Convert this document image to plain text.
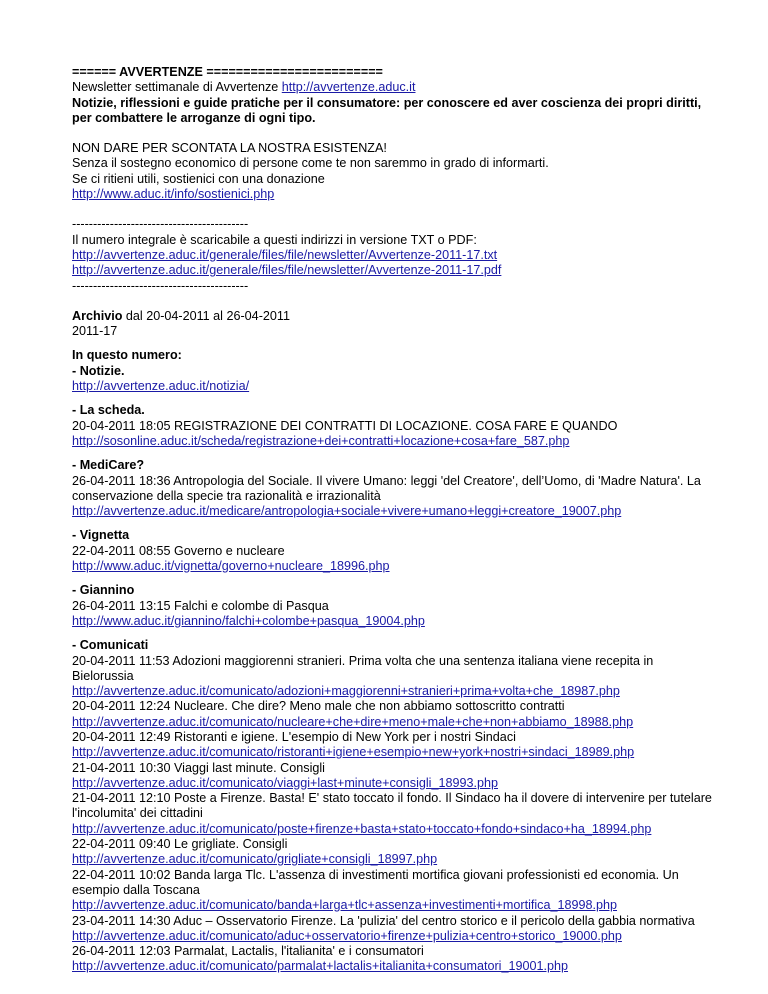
====== AVVERTENZE ========================

Newsletter settimanale di Avvertenze http://avvertenze.aduc.it

Notizie, riflessioni e guide pratiche per il consumatore: per conoscere ed aver coscienza dei propri diritti, per combattere le arroganze di ogni tipo.

NON DARE PER SCONTATA LA NOSTRA ESISTENZA!

Senza il sostegno economico di persone come te non saremmo in grado di informarti.

Se ci ritieni utili, sostienici con una donazione

http://www.aduc.it/info/sostienici.php

------------------------------------------

Il numero integrale è scaricabile a questi indirizzi in versione TXT o PDF:

http://avvertenze.aduc.it/generale/files/file/newsletter/Avvertenze-2011-17.txt

http://avvertenze.aduc.it/generale/files/file/newsletter/Avvertenze-2011-17.pdf

------------------------------------------

Archivio dal 20-04-2011 al 26-04-2011

2011-17

In questo numero:

- Notizie.

http://avvertenze.aduc.it/notizia/

- La scheda.

20-04-2011 18:05 REGISTRAZIONE DEI CONTRATTI DI LOCAZIONE. COSA FARE E QUANDO

http://sosonline.aduc.it/scheda/registrazione+dei+contratti+locazione+cosa+fare_587.php

- MediCare?

26-04-2011 18:36 Antropologia del Sociale. Il vivere Umano: leggi 'del Creatore', dell’Uomo, di 'Madre Natura'. La conservazione della specie tra razionalità e irrazionalità

http://avvertenze.aduc.it/medicare/antropologia+sociale+vivere+umano+leggi+creatore_19007.php

- Vignetta

22-04-2011 08:55 Governo e nucleare

http://www.aduc.it/vignetta/governo+nucleare_18996.php

- Giannino

26-04-2011 13:15 Falchi e colombe di Pasqua

http://www.aduc.it/giannino/falchi+colombe+pasqua_19004.php

- Comunicati

20-04-2011 11:53 Adozioni maggiorenni stranieri. Prima volta che una sentenza italiana viene recepita in Bielorussia

http://avvertenze.aduc.it/comunicato/adozioni+maggiorenni+stranieri+prima+volta+che_18987.php

20-04-2011 12:24 Nucleare. Che dire? Meno male che non abbiamo sottoscritto contratti

http://avvertenze.aduc.it/comunicato/nucleare+che+dire+meno+male+che+non+abbiamo_18988.php

20-04-2011 12:49 Ristoranti e igiene. L'esempio di New York per i nostri Sindaci

http://avvertenze.aduc.it/comunicato/ristoranti+igiene+esempio+new+york+nostri+sindaci_18989.php

21-04-2011 10:30 Viaggi last minute. Consigli

http://avvertenze.aduc.it/comunicato/viaggi+last+minute+consigli_18993.php

21-04-2011 12:10 Poste a Firenze. Basta! E' stato toccato il fondo. Il Sindaco ha il dovere di intervenire per tutelare l'incolumita' dei cittadini

http://avvertenze.aduc.it/comunicato/poste+firenze+basta+stato+toccato+fondo+sindaco+ha_18994.php

22-04-2011 09:40 Le grigliate. Consigli

http://avvertenze.aduc.it/comunicato/grigliate+consigli_18997.php

22-04-2011 10:02 Banda larga Tlc. L'assenza di investimenti mortifica giovani professionisti ed economia. Un esempio dalla Toscana

http://avvertenze.aduc.it/comunicato/banda+larga+tlc+assenza+investimenti+mortifica_18998.php

23-04-2011 14:30 Aduc – Osservatorio Firenze. La 'pulizia' del centro storico e il pericolo della gabbia normativa

http://avvertenze.aduc.it/comunicato/aduc+osservatorio+firenze+pulizia+centro+storico_19000.php

26-04-2011 12:03 Parmalat, Lactalis, l'italianita' e i consumatori

http://avvertenze.aduc.it/comunicato/parmalat+lactalis+italianita+consumatori_19001.php
